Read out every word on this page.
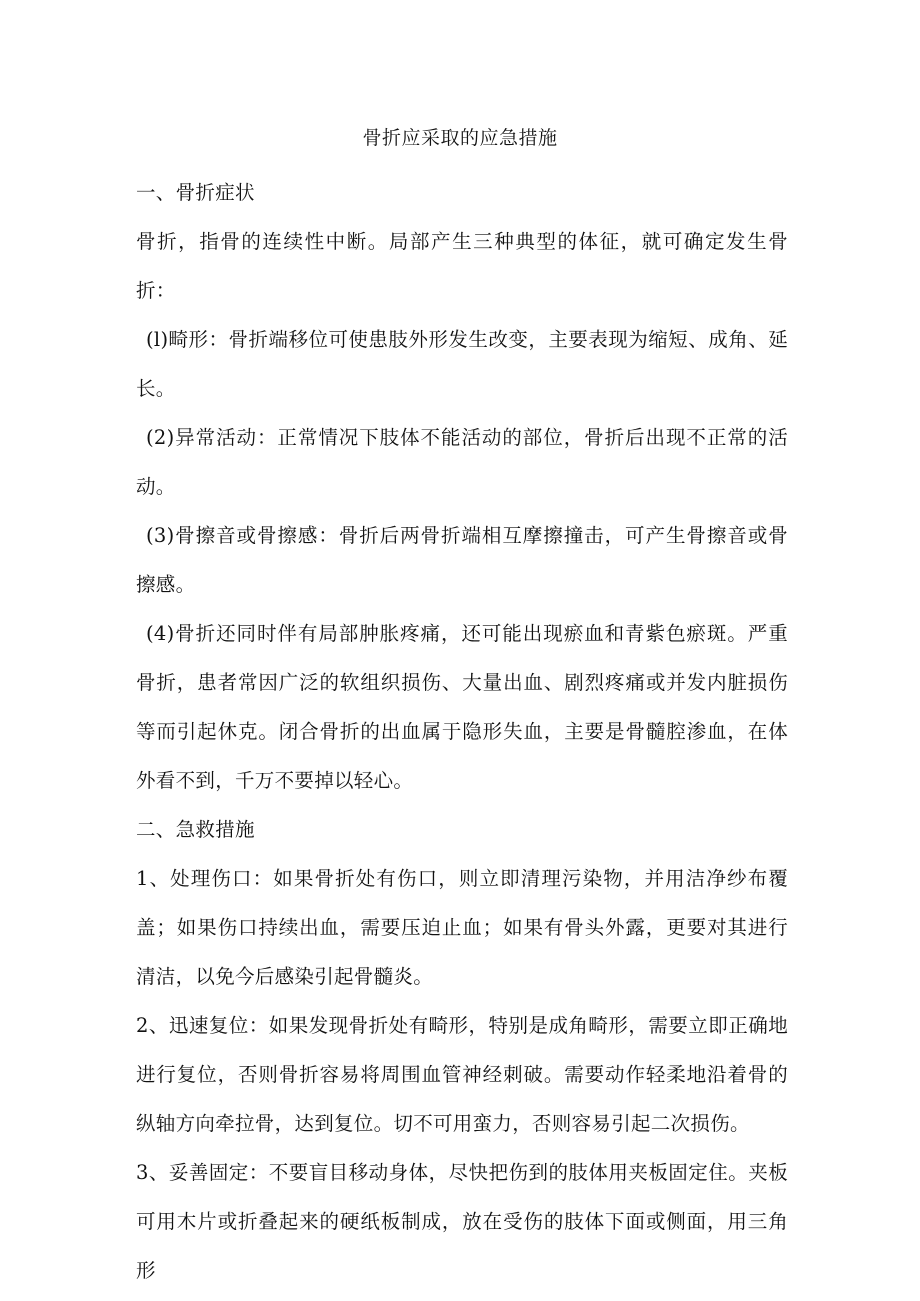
骨折应采取的应急措施

一、骨折症状

骨折，指骨的连续性中断。局部产生三种典型的体征，就可确定发生骨折：

(l)畸形：骨折端移位可使患肢外形发生改变，主要表现为缩短、成角、延长。

(2)异常活动：正常情况下肢体不能活动的部位，骨折后出现不正常的活动。

(3)骨擦音或骨擦感：骨折后两骨折端相互摩擦撞击，可产生骨擦音或骨擦感。

(4)骨折还同时伴有局部肿胀疼痛，还可能出现瘀血和青紫色瘀斑。严重骨折，患者常因广泛的软组织损伤、大量出血、剧烈疼痛或并发内脏损伤等而引起休克。闭合骨折的出血属于隐形失血，主要是骨髓腔渗血，在体外看不到，千万不要掉以轻心。

二、急救措施

1、处理伤口：如果骨折处有伤口，则立即清理污染物，并用洁净纱布覆盖；如果伤口持续出血，需要压迫止血；如果有骨头外露，更要对其进行清洁，以免今后感染引起骨髓炎。

2、迅速复位：如果发现骨折处有畸形，特别是成角畸形，需要立即正确地进行复位，否则骨折容易将周围血管神经刺破。需要动作轻柔地沿着骨的纵轴方向牵拉骨，达到复位。切不可用蛮力，否则容易引起二次损伤。

3、妥善固定：不要盲目移动身体，尽快把伤到的肢体用夹板固定住。夹板可用木片或折叠起来的硬纸板制成，放在受伤的肢体下面或侧面，用三角形
